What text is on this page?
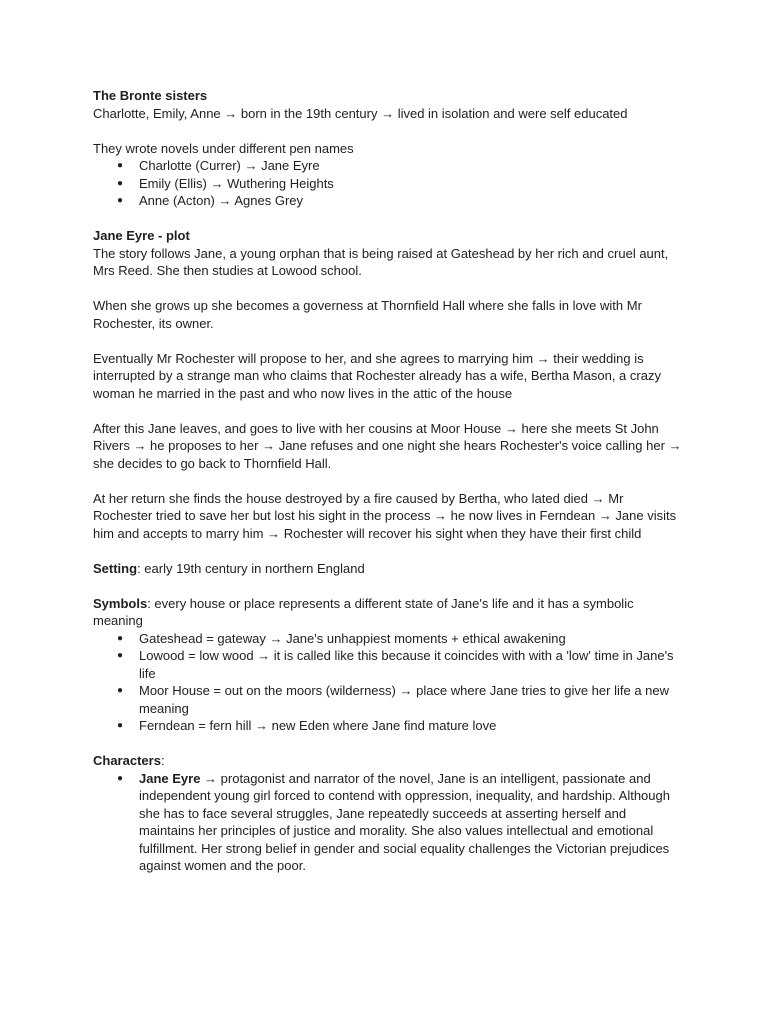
The Bronte sisters

Charlotte, Emily, Anne → born in the 19th century → lived in isolation and were self educated

They wrote novels under different pen names

● Charlotte (Currer) → Jane Eyre
● Emily (Ellis) → Wuthering Heights
● Anne (Acton) → Agnes Grey

Jane Eyre - plot

The story follows Jane, a young orphan that is being raised at Gateshead by her rich and cruel aunt, Mrs Reed. She then studies at Lowood school.

When she grows up she becomes a governess at Thornfield Hall where she falls in love with Mr Rochester, its owner.

Eventually Mr Rochester will propose to her, and she agrees to marrying him → their wedding is interrupted by a strange man who claims that Rochester already has a wife, Bertha Mason, a crazy woman he married in the past and who now lives in the attic of the house

After this Jane leaves, and goes to live with her cousins at Moor House → here she meets St John Rivers → he proposes to her → Jane refuses and one night she hears Rochester's voice calling her → she decides to go back to Thornfield Hall.

At her return she finds the house destroyed by a fire caused by Bertha, who lated died → Mr Rochester tried to save her but lost his sight in the process → he now lives in Ferndean → Jane visits him and accepts to marry him → Rochester will recover his sight when they have their first child

Setting: early 19th century in northern England

Symbols: every house or place represents a different state of Jane's life and it has a symbolic meaning

● Gateshead = gateway → Jane's unhappiest moments + ethical awakening
● Lowood = low wood → it is called like this because it coincides with with a 'low' time in Jane's life
● Moor House = out on the moors (wilderness) → place where Jane tries to give her life a new meaning
● Ferndean = fern hill → new Eden where Jane find mature love

Characters:

● Jane Eyre → protagonist and narrator of the novel, Jane is an intelligent, passionate and independent young girl forced to contend with oppression, inequality, and hardship. Although she has to face several struggles, Jane repeatedly succeeds at asserting herself and maintains her principles of justice and morality. She also values intellectual and emotional fulfillment. Her strong belief in gender and social equality challenges the Victorian prejudices against women and the poor.
